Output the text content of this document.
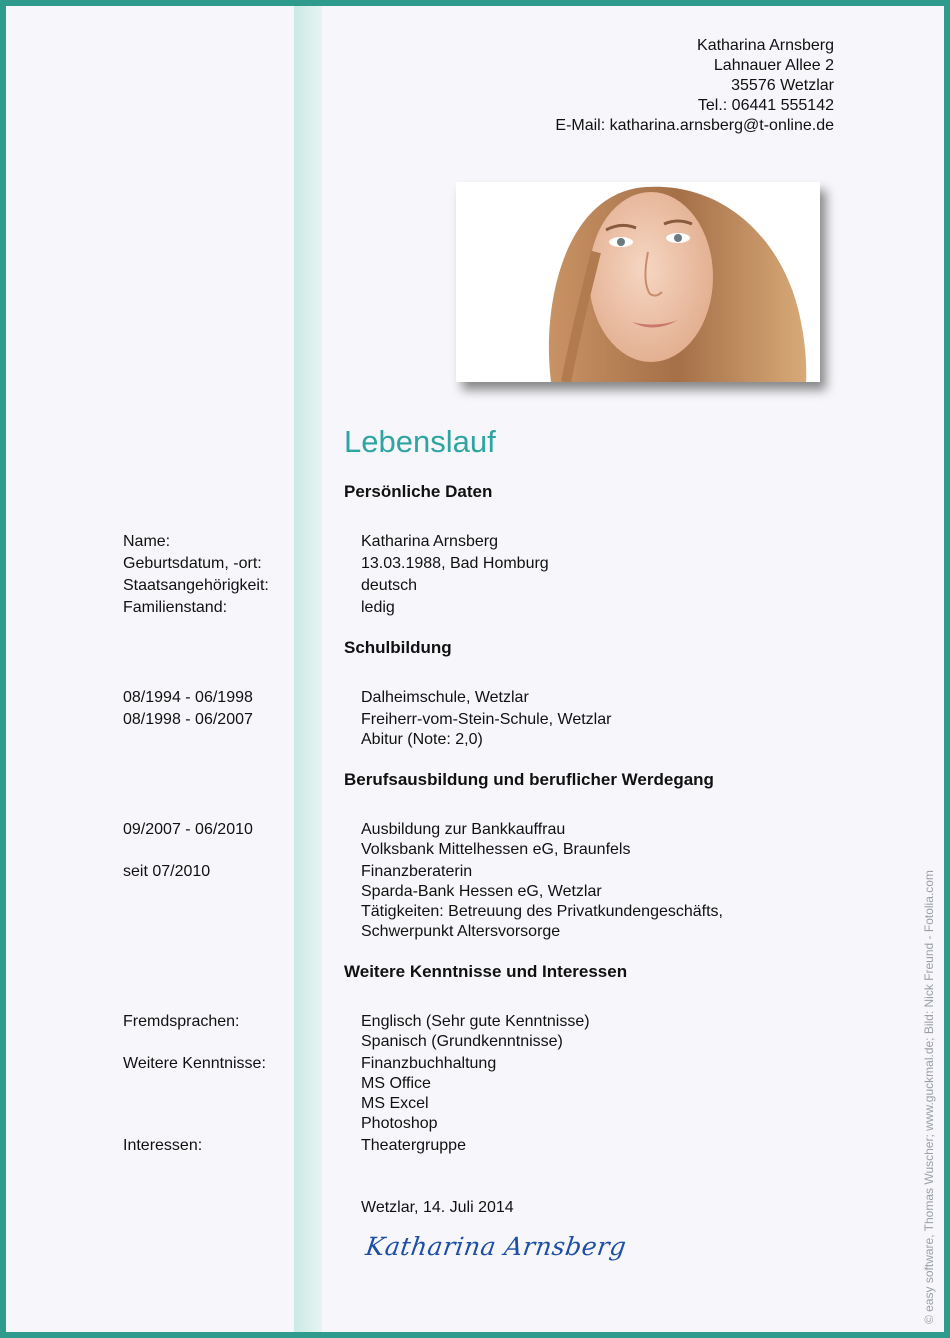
Katharina Arnsberg
Lahnauer Allee 2
35576 Wetzlar
Tel.: 06441 555142
E-Mail: katharina.arnsberg@t-online.de
Lebenslauf
Persönliche Daten
Name:	Katharina Arnsberg
Geburtsdatum, -ort:	13.03.1988, Bad Homburg
Staatsangehörigkeit:	deutsch
Familienstand:	ledig
Schulbildung
08/1994 - 06/1998	Dalheimschule, Wetzlar
08/1998 - 06/2007	Freiherr-vom-Stein-Schule, Wetzlar
Abitur (Note: 2,0)
Berufsausbildung und beruflicher Werdegang
09/2007 - 06/2010	Ausbildung zur Bankkauffrau
Volksbank Mittelhessen eG, Braunfels
seit 07/2010	Finanzberaterin
Sparda-Bank Hessen eG, Wetzlar
Tätigkeiten: Betreuung des Privatkundengeschäfts,
Schwerpunkt Altersvorsorge
Weitere Kenntnisse und Interessen
Fremdsprachen:	Englisch (Sehr gute Kenntnisse)
Spanisch (Grundkenntnisse)
Weitere Kenntnisse:	Finanzbuchhaltung
MS Office
MS Excel
Photoshop
Interessen:	Theatergruppe
Wetzlar, 14. Juli 2014
Katharina Arnsberg	© easy software, Thomas Wuscher; www.guckmal.de; Bild: Nick Freund - Fotolia.com
